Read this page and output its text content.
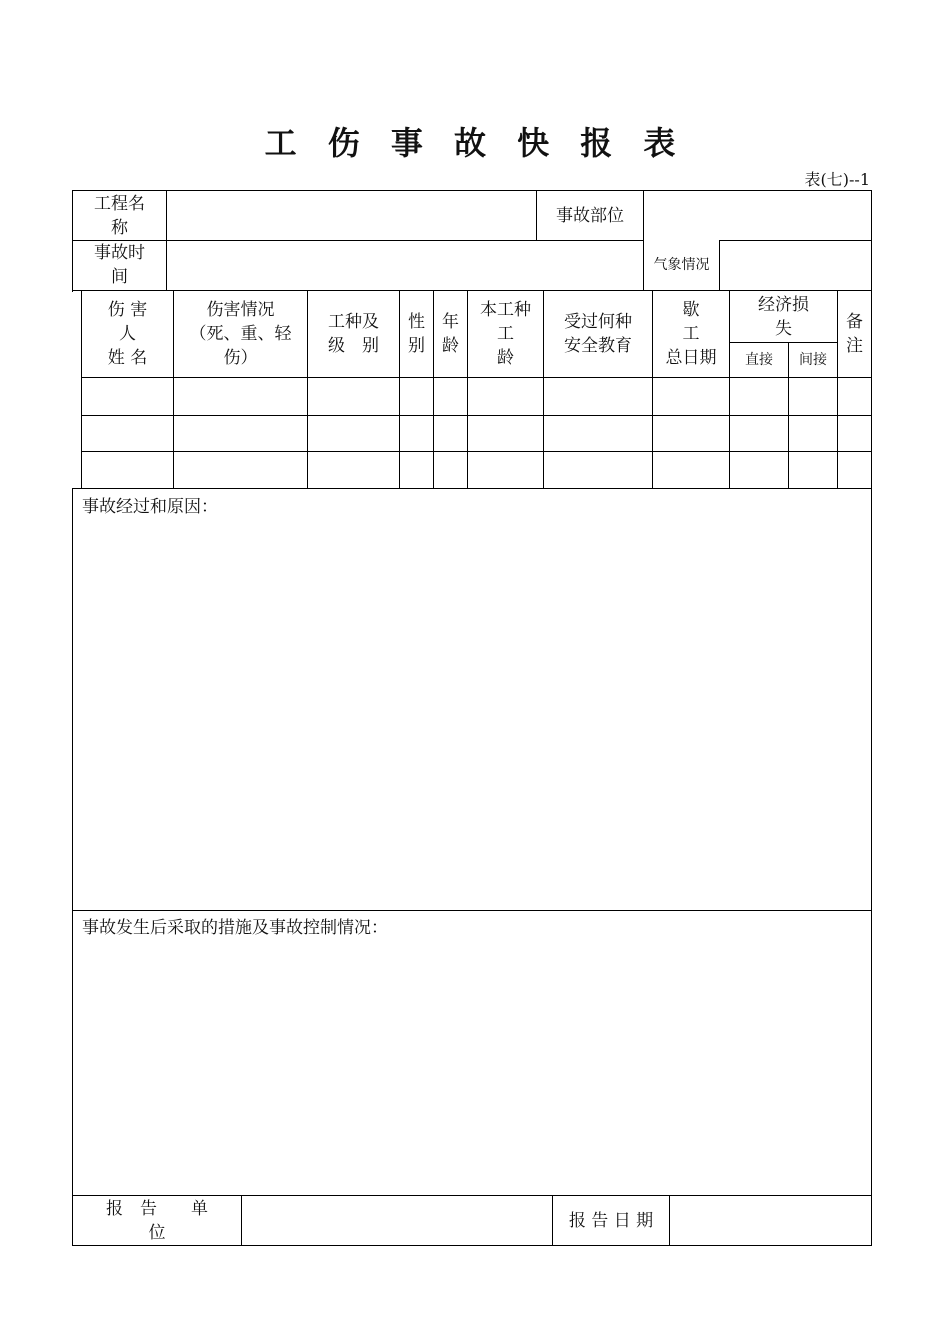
工 伤 事 故 快 报 表
表(七)--1
工程名
称
事故部位
事故时
间
气象情况
伤 害
人
姓 名
伤害情况
（死、重、轻
伤）
工种及
级　别
性
别
年
龄
本工种
工
龄
受过何种
安全教育
歇
工
总日期
经济损
失
直接	间接
备
注
事故经过和原因：
事故发生后采取的措施及事故控制情况：
报　告　　单
位
报 告 日 期
